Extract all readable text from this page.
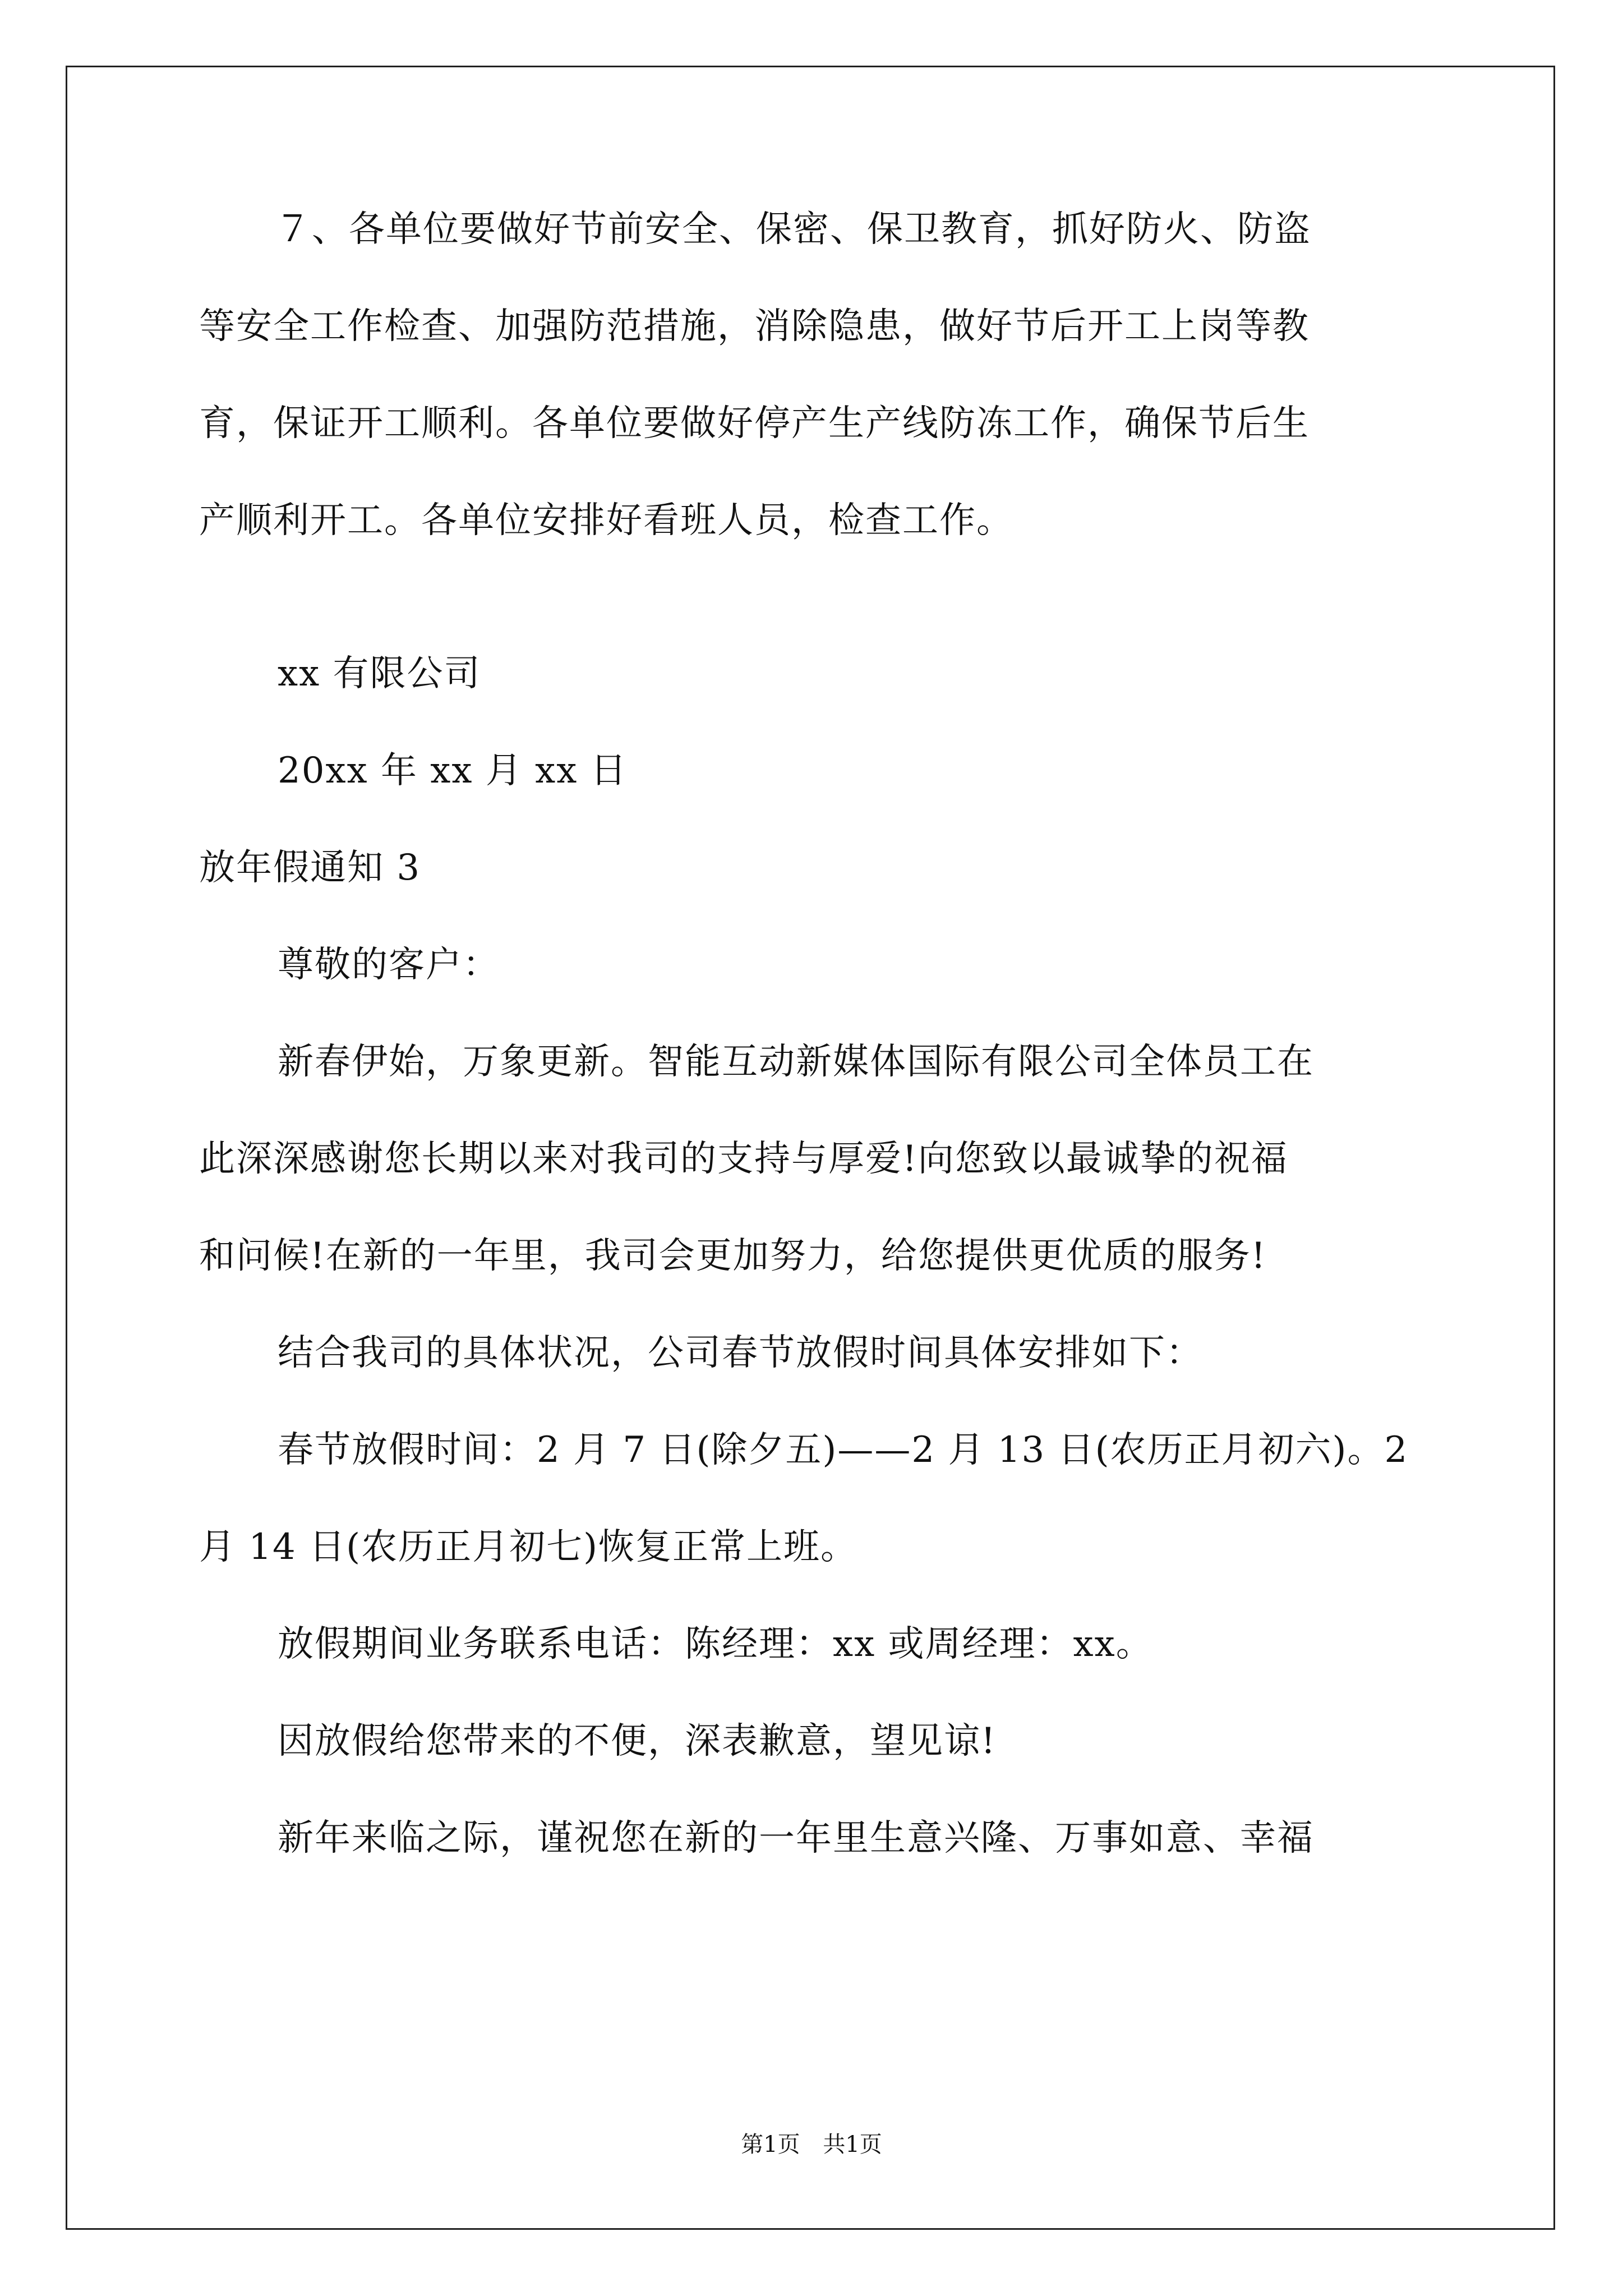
７、各单位要做好节前安全、保密、保卫教育，抓好防火、防盗
等安全工作检查、加强防范措施，消除隐患，做好节后开工上岗等教
育，保证开工顺利。各单位要做好停产生产线防冻工作，确保节后生
产顺利开工。各单位安排好看班人员，检查工作。
xx 有限公司
20xx 年 xx 月 xx 日
放年假通知 3
尊敬的客户：
新春伊始，万象更新。智能互动新媒体国际有限公司全体员工在
此深深感谢您长期以来对我司的支持与厚爱!向您致以最诚挚的祝福
和问候!在新的一年里，我司会更加努力，给您提供更优质的服务!
结合我司的具体状况，公司春节放假时间具体安排如下：
春节放假时间：2 月 7 日(除夕五)——2 月 13 日(农历正月初六)。2
月 14 日(农历正月初七)恢复正常上班。
放假期间业务联系电话：陈经理：xx 或周经理：xx。
因放假给您带来的不便，深表歉意，望见谅!
新年来临之际，谨祝您在新的一年里生意兴隆、万事如意、幸福
第1页 共1页
